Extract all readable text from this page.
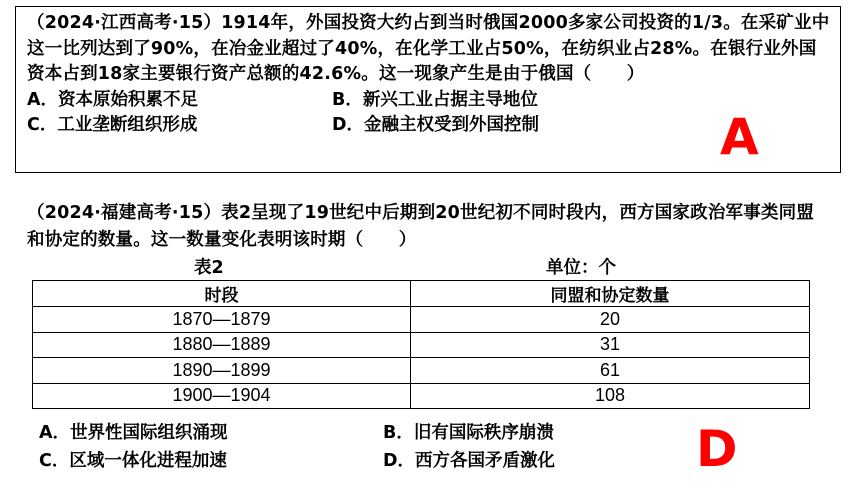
（2024·江西高考·15）1914年，外国投资大约占到当时俄国2000多家公司投资的1/3。在采矿业中这一比列达到了90%，在冶金业超过了40%，在化学工业占50%，在纺织业占28%。在银行业外国资本占到18家主要银行资产总额的42.6%。这一现象产生是由于俄国（　　）
A．资本原始积累不足	B．新兴工业占据主导地位
C．工业垄断组织形成	D．金融主权受到外国控制	A
（2024·福建高考·15）表2呈现了19世纪中后期到20世纪初不同时段内，西方国家政治军事类同盟和协定的数量。这一数量变化表明该时期（　　）
表2	单位：个
时段	同盟和协定数量
1870—1879	20
1880—1889	31
1890—1899	61
1900—1904	108
A．世界性国际组织涌现	B．旧有国际秩序崩溃
C．区域一体化进程加速	D．西方各国矛盾激化	D
